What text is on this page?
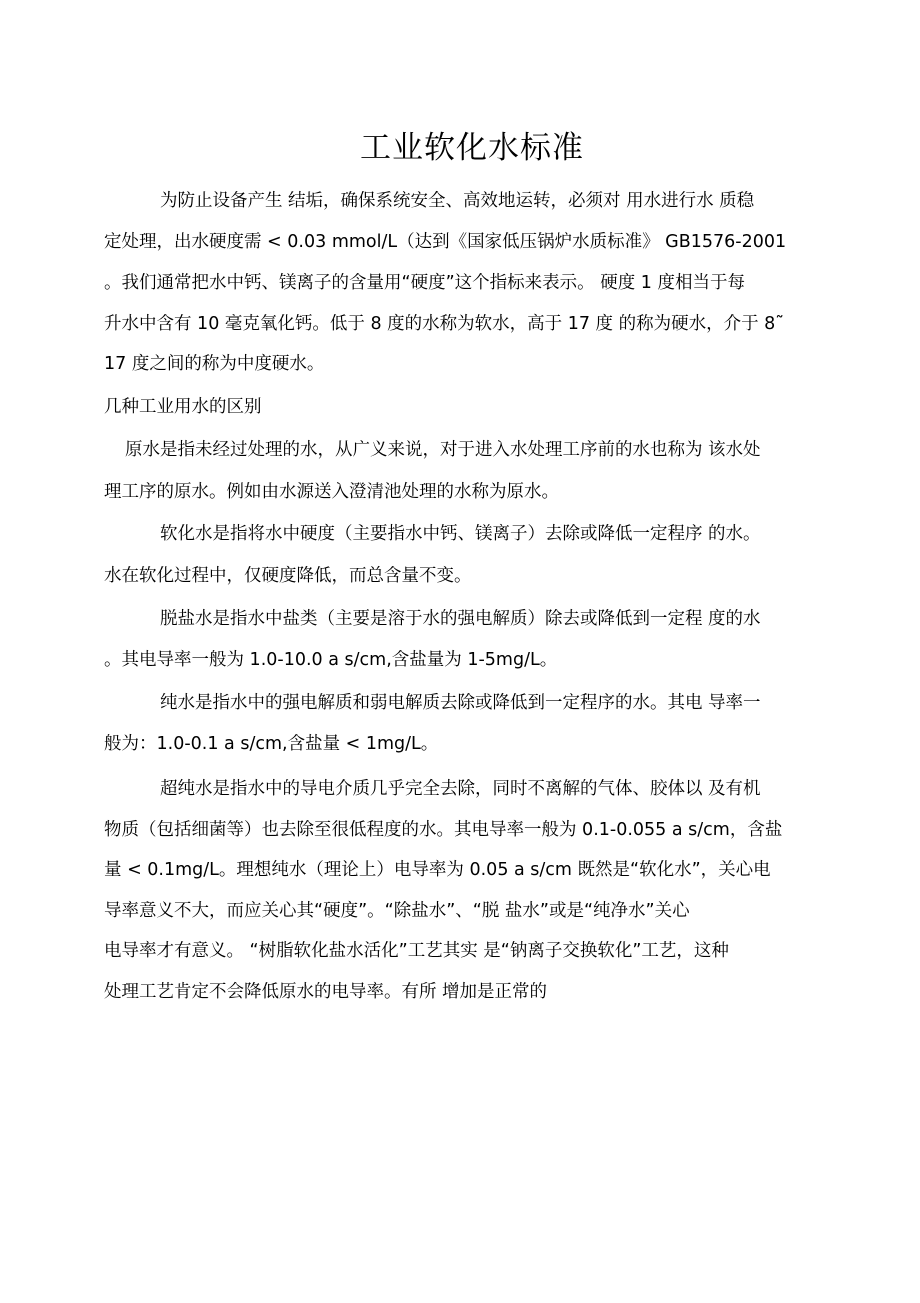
工业软化水标准

为防止设备产生 结垢，确保系统安全、高效地运转，必须对 用水进行水 质稳

定处理，出水硬度需 < 0.03 mmol/L（达到《国家低压锅炉水质标准》 GB1576-2001

。我们通常把水中钙、镁离子的含量用“硬度”这个指标来表示。 硬度 1 度相当于每

升水中含有 10 毫克氧化钙。低于 8 度的水称为软水，高于 17 度 的称为硬水，介于 8˜

17 度之间的称为中度硬水。

几种工业用水的区别

原水是指未经过处理的水，从广义来说，对于进入水处理工序前的水也称为 该水处

理工序的原水。例如由水源送入澄清池处理的水称为原水。

软化水是指将水中硬度（主要指水中钙、镁离子）去除或降低一定程序 的水。

水在软化过程中，仅硬度降低，而总含量不变。

脱盐水是指水中盐类（主要是溶于水的强电解质）除去或降低到一定程 度的水

。其电导率一般为 1.0-10.0 a s/cm,含盐量为 1-5mg/L。

纯水是指水中的强电解质和弱电解质去除或降低到一定程序的水。其电 导率一

般为：1.0-0.1 a s/cm,含盐量 < 1mg/L。

超纯水是指水中的导电介质几乎完全去除，同时不离解的气体、胶体以 及有机

物质（包括细菌等）也去除至很低程度的水。其电导率一般为 0.1-0.055 a s/cm，含盐

量 < 0.1mg/L。理想纯水（理论上）电导率为 0.05 a s/cm 既然是“软化水”，关心电

导率意义不大，而应关心其“硬度”。“除盐水”、“脱 盐水”或是“纯净水”关心

电导率才有意义。 “树脂软化盐水活化”工艺其实 是“钠离子交换软化”工艺，这种

处理工艺肯定不会降低原水的电导率。有所 增加是正常的
